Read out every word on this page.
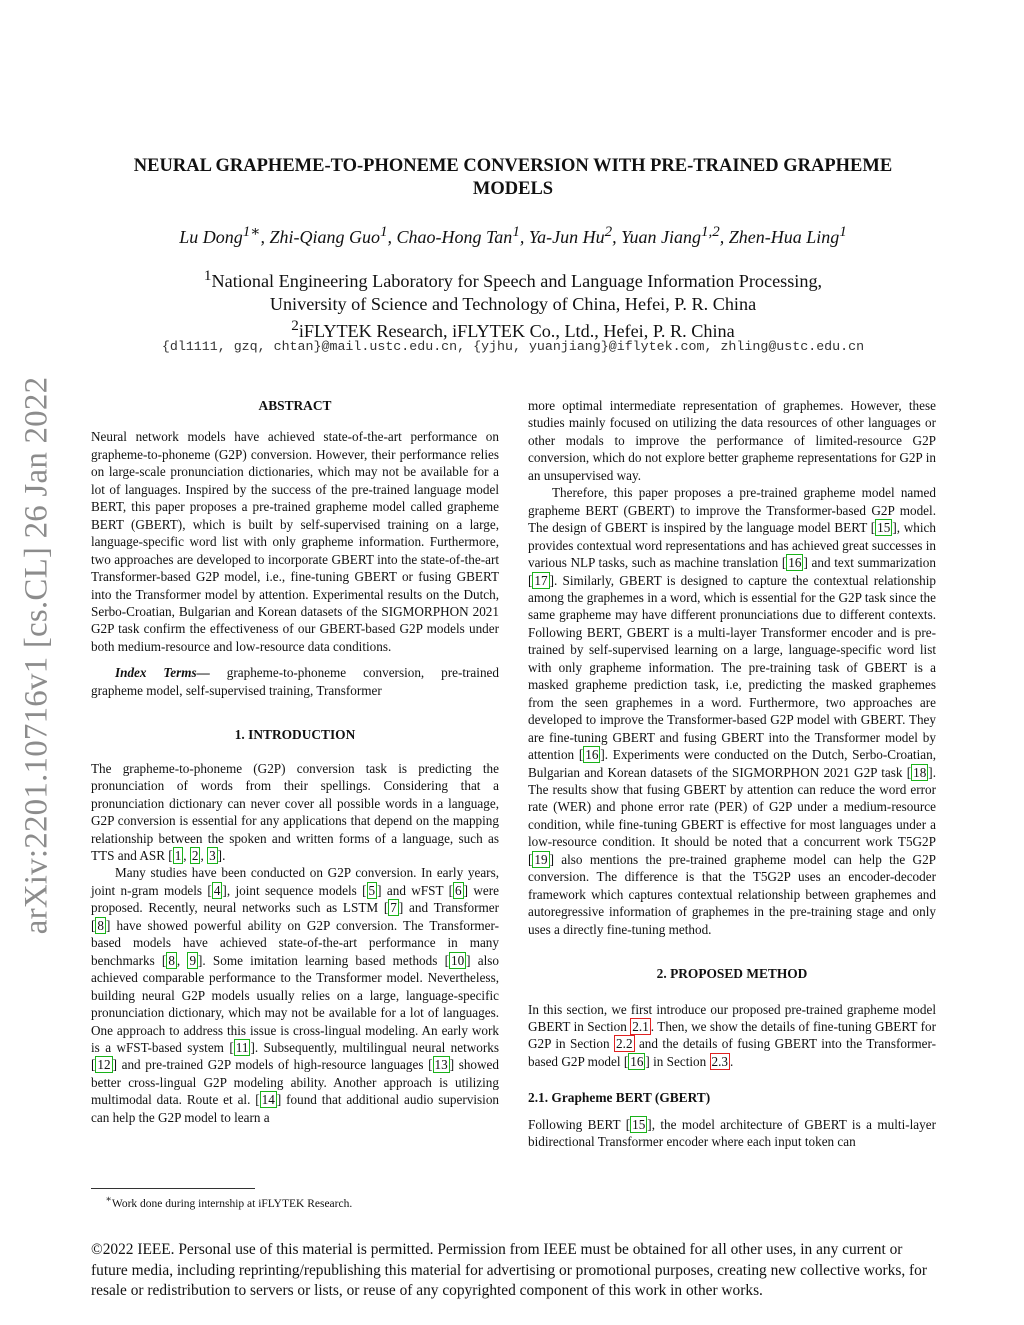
arXiv:2201.10716v1 [cs.CL] 26 Jan 2022
NEURAL GRAPHEME-TO-PHONEME CONVERSION WITH PRE-TRAINED GRAPHEME
MODELS
Lu Dong$^{1∗}$, Zhi-Qiang Guo$^1$, Chao-Hong Tan$^1$, Ya-Jun Hu$^2$, Yuan Jiang$^{1,2}$, Zhen-Hua Ling$^1$
$^1$National Engineering Laboratory for Speech and Language Information Processing,
University of Science and Technology of China, Hefei, P. R. China
$^2$iFLYTEK Research, iFLYTEK Co., Ltd., Hefei, P. R. China
{dl1111, gzq, chtan}@mail.ustc.edu.cn, {yjhu, yuanjiang}@iflytek.com, zhling@ustc.edu.cn

ABSTRACT

Neural network models have achieved state-of-the-art performance on grapheme-to-phoneme (G2P) conversion. However, their performance relies on large-scale pronunciation dictionaries, which may not be available for a lot of languages. Inspired by the success of the pre-trained language model BERT, this paper proposes a pre-trained grapheme model called grapheme BERT (GBERT), which is built by self-supervised training on a large, language-specific word list with only grapheme information. Furthermore, two approaches are developed to incorporate GBERT into the state-of-the-art Transformer-based G2P model, i.e., fine-tuning GBERT or fusing GBERT into the Transformer model by attention. Experimental results on the Dutch, Serbo-Croatian, Bulgarian and Korean datasets of the SIGMORPHON 2021 G2P task confirm the effectiveness of our GBERT-based G2P models under both medium-resource and low-resource data conditions.

Index Terms— grapheme-to-phoneme conversion, pre-trained grapheme model, self-supervised training, Transformer

1. INTRODUCTION

The grapheme-to-phoneme (G2P) conversion task is predicting the pronunciation of words from their spellings. Considering that a pronunciation dictionary can never cover all possible words in a language, G2P conversion is essential for any applications that depend on the mapping relationship between the spoken and written forms of a language, such as TTS and ASR [ 1 , 2 , 3 ].

Many studies have been conducted on G2P conversion. In early years, joint n-gram models [ 4 ], joint sequence models [ 5 ] and wFST [ 6 ] were proposed. Recently, neural networks such as LSTM [ 7 ] and Transformer [ 8 ] have showed powerful ability on G2P conversion. The Transformer-based models have achieved state-of-the-art performance in many benchmarks [ 8 , 9 ]. Some imitation learning based methods [ 10 ] also achieved comparable performance to the Transformer model. Nevertheless, building neural G2P models usually relies on a large, language-specific pronunciation dictionary, which may not be available for a lot of languages. One approach to address this issue is cross-lingual modeling. An early work is a wFST-based system [ 11 ]. Subsequently, multilingual neural networks [ 12 ] and pre-trained G2P models of high-resource languages [ 13 ] showed better cross-lingual G2P modeling ability. Another approach is utilizing multimodal data. Route et al. [ 14 ] found that additional audio supervision can help the G2P model to learn a

∗Work done during internship at iFLYTEK Research.

more optimal intermediate representation of graphemes. However, these studies mainly focused on utilizing the data resources of other languages or other modals to improve the performance of limited-resource G2P conversion, which do not explore better grapheme representations for G2P in an unsupervised way.

Therefore, this paper proposes a pre-trained grapheme model named grapheme BERT (GBERT) to improve the Transformer-based G2P model. The design of GBERT is inspired by the language model BERT [ 15 ], which provides contextual word representations and has achieved great successes in various NLP tasks, such as machine translation [ 16 ] and text summarization [ 17 ]. Similarly, GBERT is designed to capture the contextual relationship among the graphemes in a word, which is essential for the G2P task since the same grapheme may have different pronunciations due to different contexts. Following BERT, GBERT is a multi-layer Transformer encoder and is pre-trained by self-supervised learning on a large, language-specific word list with only grapheme information. The pre-training task of GBERT is a masked grapheme prediction task, i.e, predicting the masked graphemes from the seen graphemes in a word. Furthermore, two approaches are developed to improve the Transformer-based G2P model with GBERT. They are fine-tuning GBERT and fusing GBERT into the Transformer model by attention [ 16 ]. Experiments were conducted on the Dutch, Serbo-Croatian, Bulgarian and Korean datasets of the SIGMORPHON 2021 G2P task [ 18 ]. The results show that fusing GBERT by attention can reduce the word error rate (WER) and phone error rate (PER) of G2P under a medium-resource condition, while fine-tuning GBERT is effective for most languages under a low-resource condition. It should be noted that a concurrent work T5G2P [ 19 ] also mentions the pre-trained grapheme model can help the G2P conversion. The difference is that the T5G2P uses an encoder-decoder framework which captures contextual relationship between graphemes and autoregressive information of graphemes in the pre-training stage and only uses a directly fine-tuning method.

2. PROPOSED METHOD

In this section, we first introduce our proposed pre-trained grapheme model GBERT in Section 2.1 . Then, we show the details of fine-tuning GBERT for G2P in Section 2.2 and the details of fusing GBERT into the Transformer-based G2P model [ 16 ] in Section 2.3 .

2.1. Grapheme BERT (GBERT)

Following BERT [ 15 ], the model architecture of GBERT is a multi-layer bidirectional Transformer encoder where each input token can

©2022 IEEE. Personal use of this material is permitted. Permission from IEEE must be obtained for all other uses, in any current or future media, including reprinting/republishing this material for advertising or promotional purposes, creating new collective works, for resale or redistribution to servers or lists, or reuse of any copyrighted component of this work in other works.
